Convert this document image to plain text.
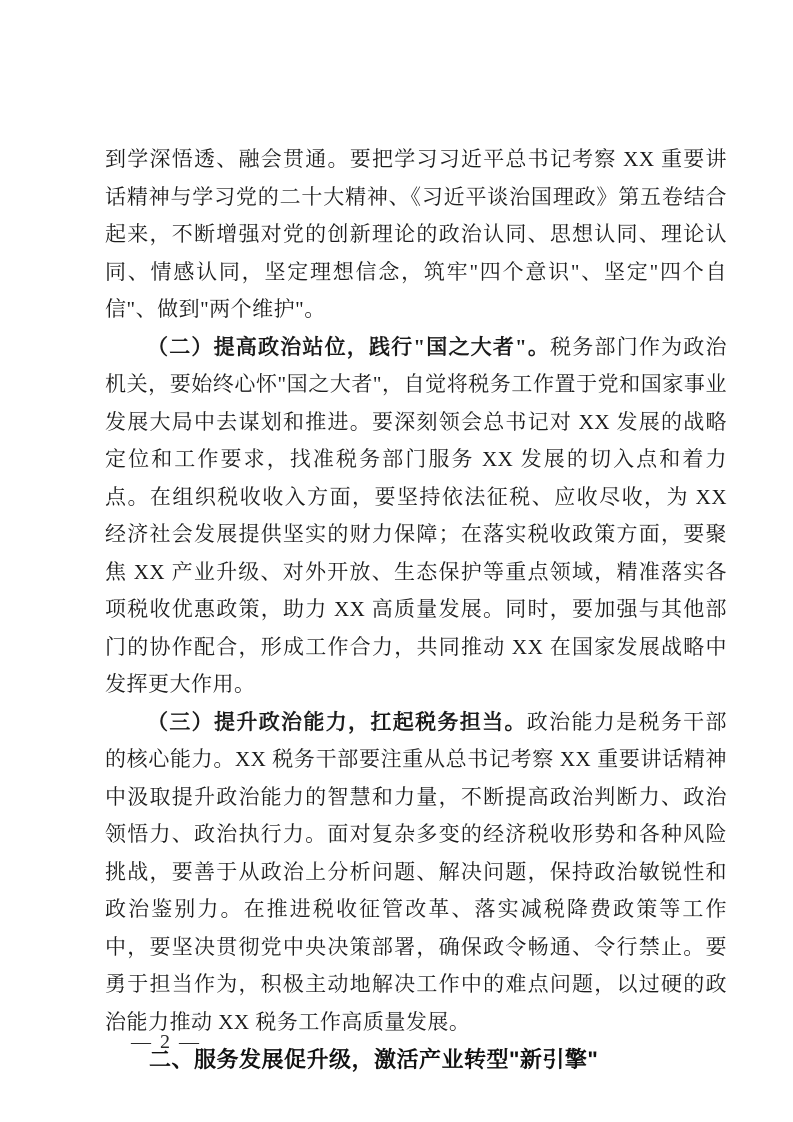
到学深悟透、融会贯通。要把学习习近平总书记考察 XX 重要讲话精神与学习党的二十大精神、《习近平谈治国理政》第五卷结合起来，不断增强对党的创新理论的政治认同、思想认同、理论认同、情感认同，坚定理想信念，筑牢"四个意识"、坚定"四个自信"、做到"两个维护"。

（二）提高政治站位，践行"国之大者"。税务部门作为政治机关，要始终心怀"国之大者"，自觉将税务工作置于党和国家事业发展大局中去谋划和推进。要深刻领会总书记对 XX 发展的战略定位和工作要求，找准税务部门服务 XX 发展的切入点和着力点。在组织税收收入方面，要坚持依法征税、应收尽收，为 XX 经济社会发展提供坚实的财力保障；在落实税收政策方面，要聚焦 XX 产业升级、对外开放、生态保护等重点领域，精准落实各项税收优惠政策，助力 XX 高质量发展。同时，要加强与其他部门的协作配合，形成工作合力，共同推动 XX 在国家发展战略中发挥更大作用。

（三）提升政治能力，扛起税务担当。政治能力是税务干部的核心能力。XX 税务干部要注重从总书记考察 XX 重要讲话精神中汲取提升政治能力的智慧和力量，不断提高政治判断力、政治领悟力、政治执行力。面对复杂多变的经济税收形势和各种风险挑战，要善于从政治上分析问题、解决问题，保持政治敏锐性和政治鉴别力。在推进税收征管改革、落实减税降费政策等工作中，要坚决贯彻党中央决策部署，确保政令畅通、令行禁止。要勇于担当作为，积极主动地解决工作中的难点问题，以过硬的政治能力推动 XX 税务工作高质量发展。

二、服务发展促升级，激活产业转型"新引擎"
— 2 —
